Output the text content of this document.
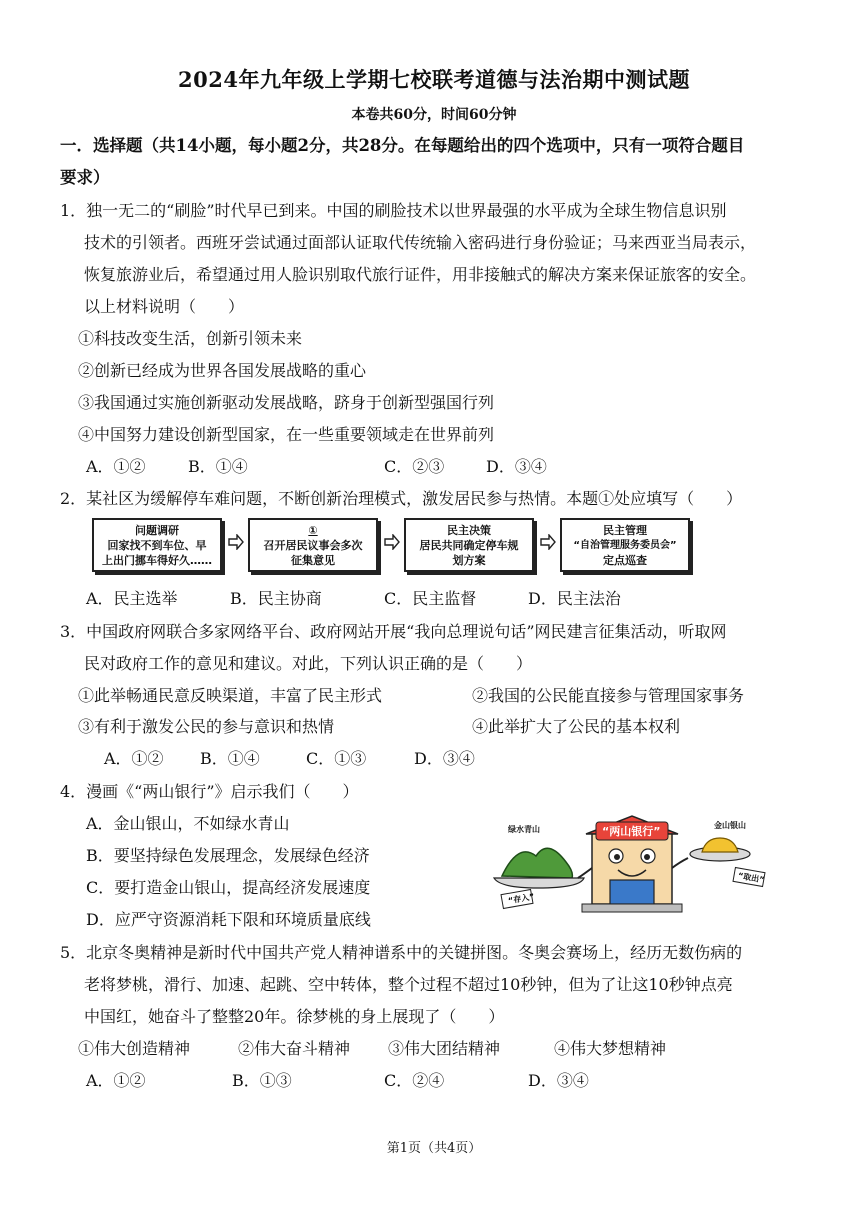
2024年九年级上学期七校联考道德与法治期中测试题
本卷共60分，时间60分钟
一．选择题（共14小题，每小题2分，共28分。在每题给出的四个选项中，只有一项符合题目
要求）
1．独一无二的“刷脸”时代早已到来。中国的刷脸技术以世界最强的水平成为全球生物信息识别
技术的引领者。西班牙尝试通过面部认证取代传统输入密码进行身份验证；马来西亚当局表示，
恢复旅游业后，希望通过用人脸识别取代旅行证件，用非接触式的解决方案来保证旅客的安全。
以上材料说明（　　）
①科技改变生活，创新引领未来
②创新已经成为世界各国发展战略的重心
③我国通过实施创新驱动发展战略，跻身于创新型强国行列
④中国努力建设创新型国家，在一些重要领域走在世界前列
A．①②	B．①④	C．②③	D．③④
2．某社区为缓解停车难问题，不断创新治理模式，激发居民参与热情。本题①处应填写（　　）
问题调研
回家找不到车位、早
上出门挪车得好久……
①
召开居民议事会多次
征集意见
民主决策
居民共同确定停车规
划方案
民主管理
“自治管理服务委员会”
定点巡查
A．民主选举	B．民主协商	C．民主监督	D．民主法治
3．中国政府网联合多家网络平台、政府网站开展“我向总理说句话”网民建言征集活动，听取网
民对政府工作的意见和建议。对此，下列认识正确的是（　　）
①此举畅通民意反映渠道，丰富了民主形式	②我国的公民能直接参与管理国家事务
③有利于激发公民的参与意识和热情	④此举扩大了公民的基本权利
A．①② B．①④	C．①③	D．③④
4．漫画《“两山银行”》启示我们（　　）
A．金山银山，不如绿水青山
B．要坚持绿色发展理念，发展绿色经济
C．要打造金山银山，提高经济发展速度
D．应严守资源消耗下限和环境质量底线
“存入”
“取出”
“两山银行”
绿水青山	金山银山
5．北京冬奥精神是新时代中国共产党人精神谱系中的关键拼图。冬奥会赛场上，经历无数伤病的
老将梦桃，滑行、加速、起跳、空中转体，整个过程不超过10秒钟，但为了让这10秒钟点亮
中国红，她奋斗了整整20年。徐梦桃的身上展现了（　　）
①伟大创造精神	②伟大奋斗精神 ③伟大团结精神	④伟大梦想精神
A．①②	B．①③	C．②④	D．③④
第1页（共4页）
